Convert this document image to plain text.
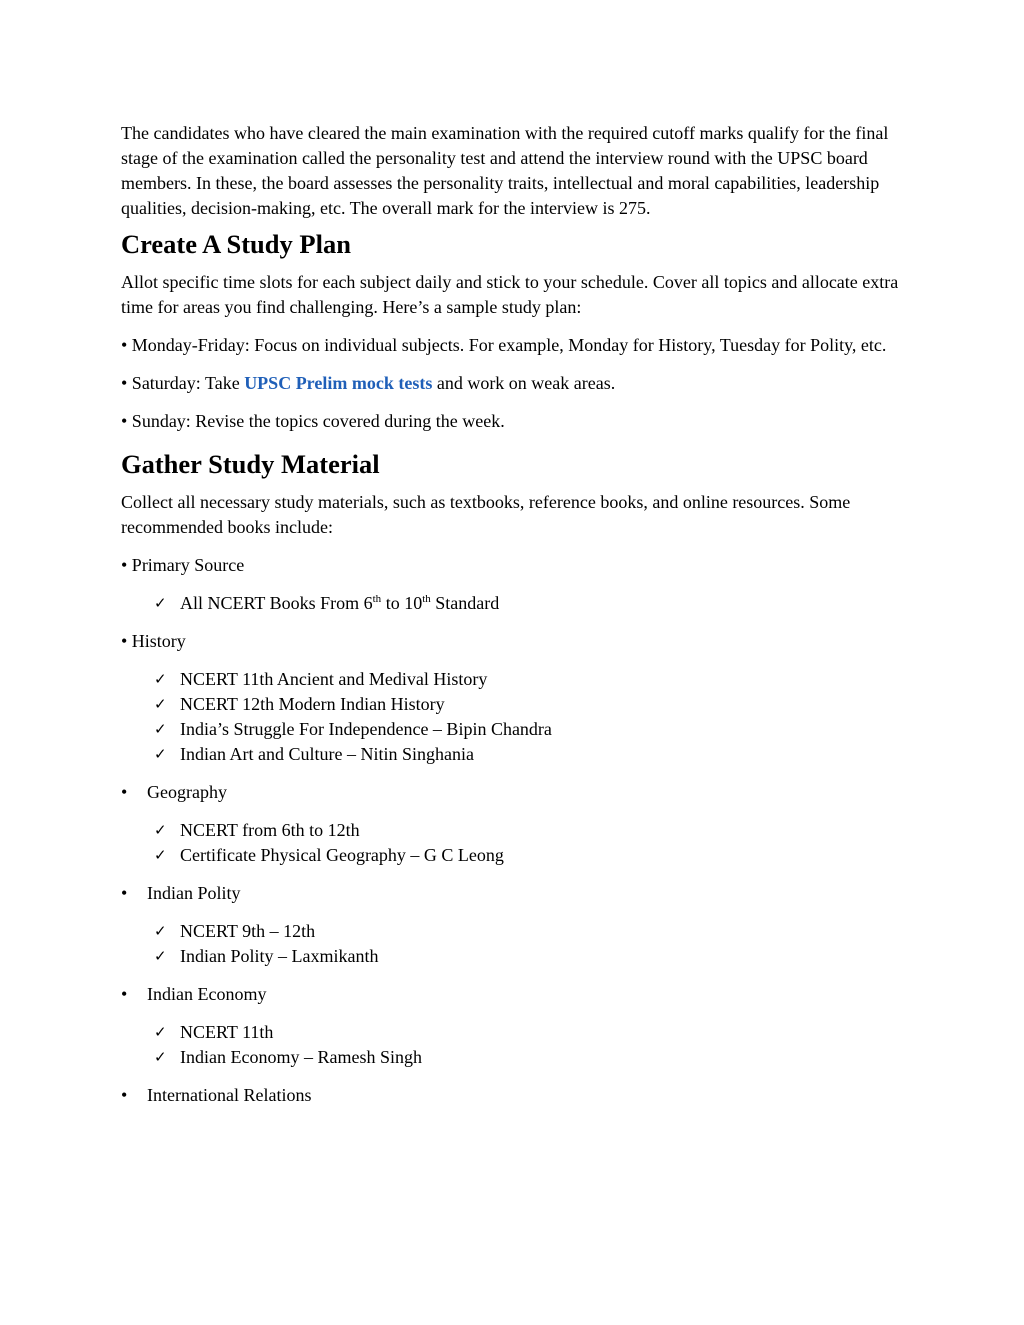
The candidates who have cleared the main examination with the required cutoff marks qualify for the final stage of the examination called the personality test and attend the interview round with the UPSC board members. In these, the board assesses the personality traits, intellectual and moral capabilities, leadership qualities, decision-making, etc. The overall mark for the interview is 275.

Create A Study Plan

Allot specific time slots for each subject daily and stick to your schedule. Cover all topics and allocate extra time for areas you find challenging. Here’s a sample study plan:

• Monday-Friday: Focus on individual subjects. For example, Monday for History, Tuesday for Polity, etc.

• Saturday: Take UPSC Prelim mock tests and work on weak areas.

• Sunday: Revise the topics covered during the week.

Gather Study Material

Collect all necessary study materials, such as textbooks, reference books, and online resources. Some recommended books include:

• Primary Source

✓ All NCERT Books From 6th to 10th Standard

• History

✓ NCERT 11th Ancient and Medival History
✓ NCERT 12th Modern Indian History
✓ India’s Struggle For Independence – Bipin Chandra
✓ Indian Art and Culture – Nitin Singhania

• Geography

✓ NCERT from 6th to 12th
✓ Certificate Physical Geography – G C Leong

• Indian Polity

✓ NCERT 9th – 12th
✓ Indian Polity – Laxmikanth

• Indian Economy

✓ NCERT 11th
✓ Indian Economy – Ramesh Singh

• International Relations
